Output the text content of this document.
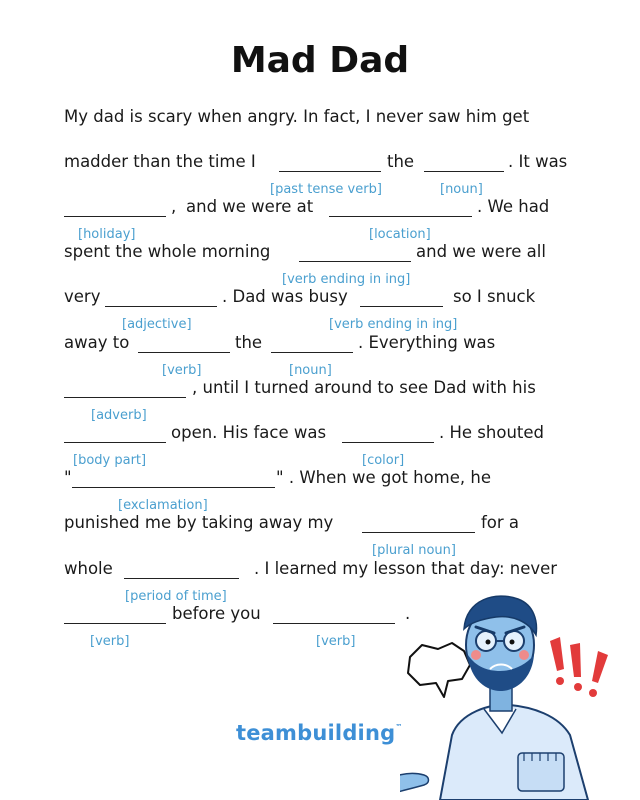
Mad Dad
My dad is scary when angry. In fact, I never saw him get
madder than the time I	the	. It was
[past tense verb]	[noun]
, and we were at	. We had
[holiday]	[location]
spent the whole morning	and we were all
[verb ending in ing]
very	. Dad was busy	so I snuck
[adjective]	[verb ending in ing]
away to	the	. Everything was
[verb]	[noun]
, until I turned around to see Dad with his
[adverb]
open. His face was	. He shouted
[body part]	[color]
"	" . When we got home, he
[exclamation]
punished me by taking away my	for a
[plural noun]
whole	. I learned my lesson that day: never
[period of time]
before you	.
[verb]	[verb]
teambuilding™
